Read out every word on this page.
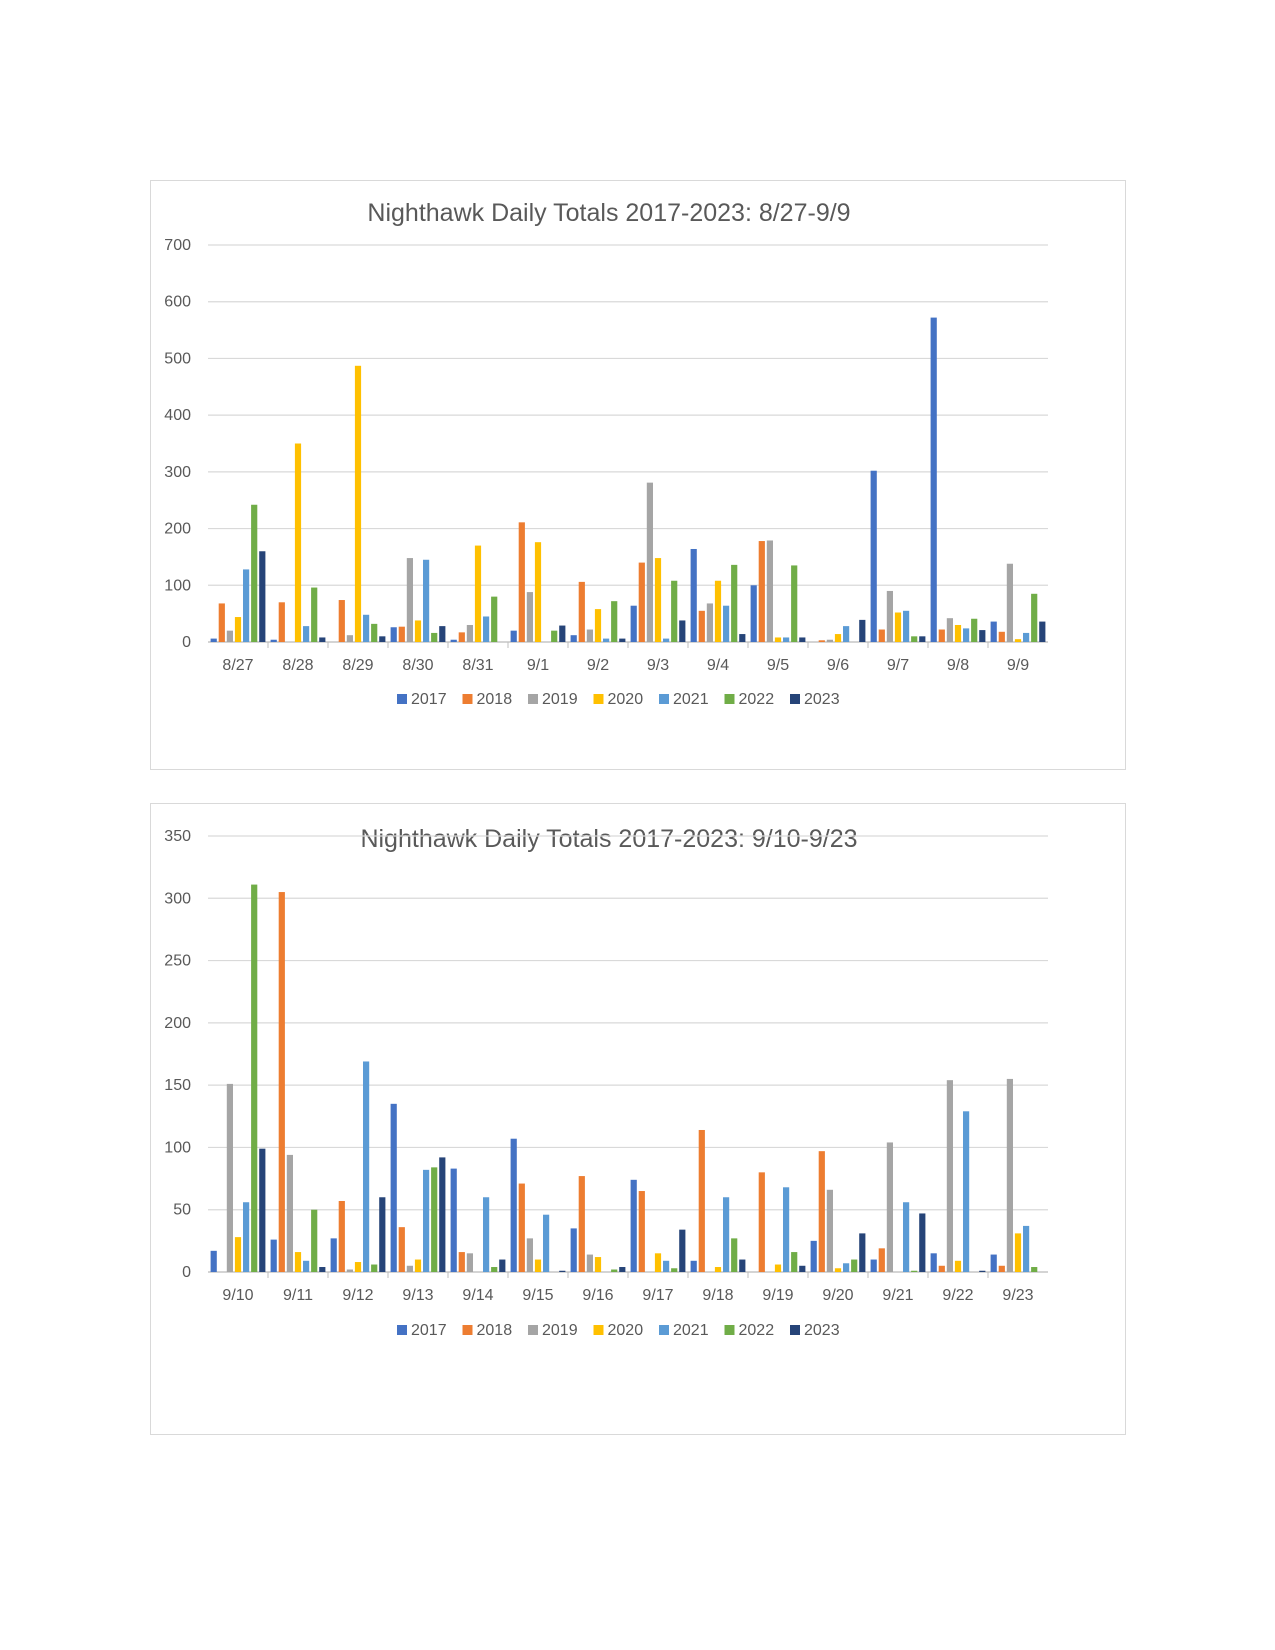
Nighthawk Daily Totals 2017-2023: 8/27-9/9
0
100
200
300
400
500
600
700
8/27 8/28 8/29 8/30 8/31 9/1 9/2 9/3 9/4 9/5 9/6 9/7 9/8 9/9
2017 2018 2019 2020 2021 2022 2023
Nighthawk Daily Totals 2017-2023: 9/10-9/23
0
50
100
150
200
250
300
350
9/10 9/11 9/12 9/13 9/14 9/15 9/16 9/17 9/18 9/19 9/20 9/21 9/22 9/23
2017 2018 2019 2020 2021 2022 2023
